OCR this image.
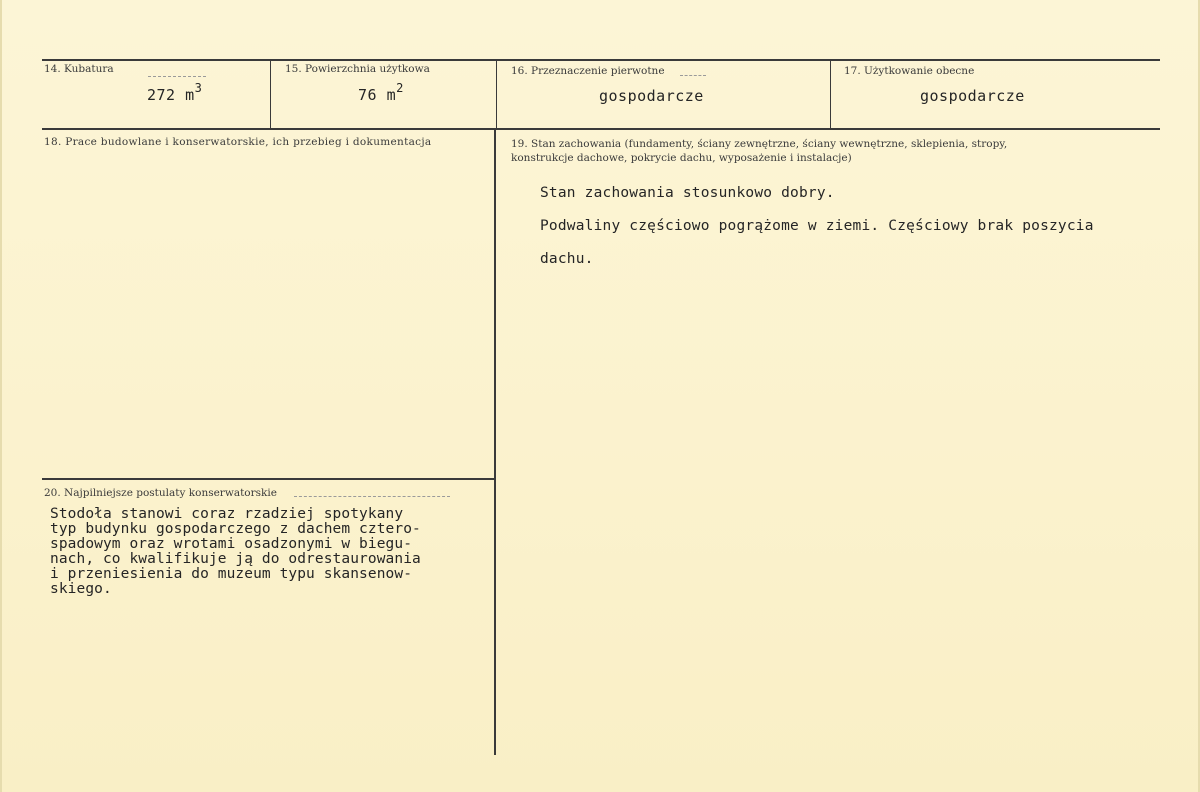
14. Kubatura
272 $m^3$
15. Powierzchnia użytkowa
76 $m^2$
16. Przeznaczenie pierwotne
gospodarcze
17. Użytkowanie obecne
gospodarcze
18. Prace budowlane i konserwatorskie, ich przebieg i dokumentacja	19. Stan zachowania (fundamenty, ściany zewnętrzne, ściany wewnętrzne, sklepienia, stropy,
konstrukcje dachowe, pokrycie dachu, wyposażenie i instalacje)
Stan zachowania stosunkowo dobry.
Podwaliny częściowo pogrążome w ziemi. Częściowy brak poszycia
dachu.
20. Najpilniejsze postulaty konserwatorskie
Stodoła stanowi coraz rzadziej spotykany
typ budynku gospodarczego z dachem cztero-
spadowym oraz wrotami osadzonymi w biegu-
nach, co kwalifikuje ją do odrestaurowania
i przeniesienia do muzeum typu skansenow-
skiego.
